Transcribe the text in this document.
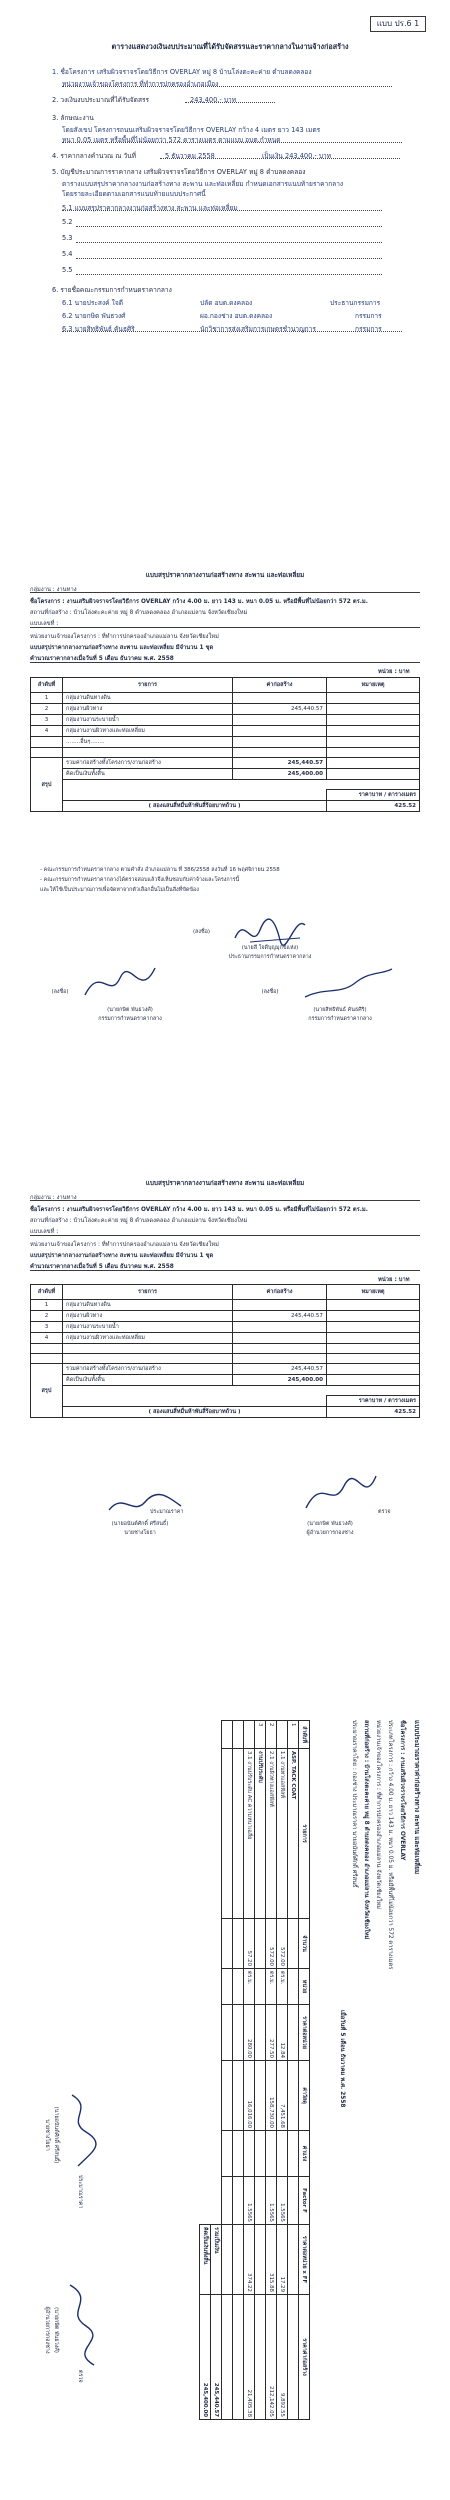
แบบ ปร.6 1
ตารางแสดงวงเงินงบประมาณที่ได้รับจัดสรรและราคากลางในงานจ้างก่อสร้าง
1. ชื่อโครงการ เสริมผิวจราจรโดยวิธีการ OVERLAY หมู่ 8 บ้านโล่งตะคะค่าย ตำบลดงคลอง
หน่วยงานเจ้าของโครงการ ที่ทำการปกครองอำเภอเมือง
2. วงเงินงบประมาณที่ได้รับจัดสรร	243,400.- บาท
3. ลักษณะงาน
โดยสังเขป โครงการถนนเสริมผิวจราจรโดยวิธีการ OVERLAY กว้าง 4 เมตร ยาว 143 เมตร
หนา 0.05 เมตร หรือพื้นที่ไม่น้อยกว่า 572 ตารางเมตร ตามแบบ อบต.กำหนด
4. ราคากลางคำนวณ ณ วันที่	5 ธันวาคม 2558	เป็นเงิน 243,400.- บาท
5. บัญชีประมาณการราคากลาง เสริมผิวจราจรโดยวิธีการ OVERLAY หมู่ 8 ตำบลดงคลอง
ตารางแบบสรุปราคากลางงานก่อสร้างทาง สะพาน และท่อเหลี่ยม กำหนดเอกสารแนบท้ายราคากลาง
โดยรายละเอียดตามเอกสารแนบท้ายแบบประกาศนี้
5.1 แบบสรุปราคากลางงานก่อสร้างทาง สะพาน และท่อเหลี่ยม
5.2
5.3
5.4
5.5
6. รายชื่อคณะกรรมการกำหนดราคากลาง
6.1 นายประสงค์ ใจดี	ปลัด อบต.ดงคลอง	ประธานกรรมการ
6.2 นายกษิต พันธวงศ์	ผอ.กองช่าง อบต.ดงคลอง	กรรมการ
6.3 นายสิทธิพันธ์ คันธศิริ	นักวิชาการส่งเสริมการเกษตรชำนาญการ	กรรมการ
แบบสรุปราคากลางงานก่อสร้างทาง สะพาน และท่อเหลี่ยม
กลุ่มงาน : งานทาง
ชื่อโครงการ : งานเสริมผิวจราจรโดยวิธีการ OVERLAY กว้าง 4.00 ม. ยาว 143 ม. หนา 0.05 ม. หรือมีพื้นที่ไม่น้อยกว่า 572 ตร.ม.
สถานที่ก่อสร้าง : บ้านโล่งตะคะค่าย หมู่ 8 ตำบลดงคลอง อำเภอแม่ลาน จังหวัดเชียงใหม่
แบบเลขที่ :
หน่วยงานเจ้าของโครงการ : ที่ทำการปกครองอำเภอแม่ลาน จังหวัดเชียงใหม่
แบบสรุปราคากลางงานก่อสร้างทาง สะพาน และท่อเหลี่ยม มีจำนวน 1 ชุด
คำนวณราคากลางเมื่อวันที่ 5 เดือน ธันวาคม พ.ศ. 2558
หน่วย : บาท
ลำดับที่	รายการ	ค่าก่อสร้าง	หมายเหตุ
1	กลุ่มงานดินทางดิน		
2	กลุ่มงานผิวทาง	245,440.57	
3	กลุ่มงานงานระบายน้ำ		
4	กลุ่มงานงานผิวทางและท่อเหลี่ยม		
	........อื่นๆ........		

สรุป	รวมค่าก่อสร้างทั้งโครงการ/งานก่อสร้าง	245,440.57	
	คิดเป็นเงินทั้งสิ้น	245,400.00	

			ราคาบาท / ตารางเมตร
	( สองแสนสี่หมื่นห้าพันสี่ร้อยบาทถ้วน )		425.52
- คณะกรรมการกำหนดราคากลาง ตามคำสั่ง อำเภอแม่ลาน ที่ 386/2558 ลงวันที่ 16 พฤศจิกายน 2558
- คณะกรรมการกำหนดราคากลางได้ตรวจสอบแล้วจึงเห็นชอบกับค่าจ้างและโครงการนี้
และให้ใช้เป็นประมาณการเพื่อจัดหาจากตัวเลือกอื่นไม่เป็นสิ่งที่ขัดข้อง
(ลงชื่อ)
(นายสี ใจดีบุญมุกข์แห่ง)
ประธานกรรมการกำหนดราคากลาง
(ลงชื่อ)
(นายกษิต พันธวงศ์)
กรรมการกำหนดราคากลาง
(ลงชื่อ)
(นายสิทธิพันธ์ คันธศิริ)
กรรมการกำหนดราคากลาง
แบบสรุปราคากลางงานก่อสร้างทาง สะพาน และท่อเหลี่ยม
กลุ่มงาน : งานทาง
ชื่อโครงการ : งานเสริมผิวจราจรโดยวิธีการ OVERLAY กว้าง 4.00 ม. ยาว 143 ม. หนา 0.05 ม. หรือมีพื้นที่ไม่น้อยกว่า 572 ตร.ม.
สถานที่ก่อสร้าง : บ้านโล่งตะคะค่าย หมู่ 8 ตำบลดงคลอง อำเภอแม่ลาน จังหวัดเชียงใหม่
แบบเลขที่ :
หน่วยงานเจ้าของโครงการ : ที่ทำการปกครองอำเภอแม่ลาน จังหวัดเชียงใหม่
แบบสรุปราคากลางงานก่อสร้างทาง สะพาน และท่อเหลี่ยม มีจำนวน 1 ชุด
คำนวณราคากลางเมื่อวันที่ 5 เดือน ธันวาคม พ.ศ. 2558
หน่วย : บาท
ลำดับที่	รายการ	ค่าก่อสร้าง	หมายเหตุ
1	กลุ่มงานดินทางดิน		
2	กลุ่มงานผิวทาง	245,440.57	
3	กลุ่มงานงานระบายน้ำ		
4	กลุ่มงานงานผิวทางและท่อเหลี่ยม		

สรุป	รวมค่าก่อสร้างทั้งโครงการ/งานก่อสร้าง	245,440.57	
	คิดเป็นเงินทั้งสิ้น	245,400.00	

			ราคาบาท / ตารางเมตร
	( สองแสนสี่หมื่นห้าพันสี่ร้อยบาทถ้วน )		425.52
ประมาณราคา
(นายอนันต์ศักดิ์ ศรีสนธิ์)
นายช่างโยธา
ตรวจ
(นายกษิต พันธวงศ์)
ผู้อำนวยการกองช่าง
แบบประมาณราคาค่าก่อสร้างทาง สะพาน และท่อเหลี่ยม
ชื่อโครงการ : งานเสริมผิวจราจรโดยวิธีการ OVERLAY
ประเภทโครงการ : กว้าง 4.00 ม. ยาว 143 ม. หนา 0.05 ม. หรือมีพื้นที่ไม่น้อยกว่า 572 ตารางเมตร
หน่วยงานเจ้าของโครงการ : ที่ทำการปกครองอำเภอแม่ลาน จังหวัดเชียงใหม่
สถานที่ก่อสร้าง : บ้านโล่งตะคะค่าย หมู่ 8 ตำบลดงคลอง อำเภอแม่ลาน จังหวัดเชียงใหม่
ประมาณราคาโดย : กองช่าง ประมาณราคา นายอนันต์ศักดิ์ ศรีสนธิ์
เมื่อวันที่ 5 เดือน ธันวาคม พ.ศ. 2558
ลำดับที่	รายการ	จำนวน	หน่วย	ราคาต่อหน่วย	ค่าวัสดุ	ค่าแรง	Factor F	ราคาต่อหน่วย x FF	ราคาค่าก่อสร้าง
1	ASP. TACK COAT								
	1.1 งานทาแอสฟัลท์	572.00	ตร.ม.	12.84	7,451.68		1.5565	17.29	9,892.55
2	2.1 งานผิวทางแอสฟัลท์	572.00	ตร.ม.	277.50	158,730.00		1.5565	315.88	212,142.05
3	งานปรับระดับ								
	3.1 งานปรับระดับ AC ความหนาเฉลี่ย	57.20	ตร.ม.	280.00	16,016.00		1.5565	374.22	21,405.38

								รวมเป็นเงิน	245,440.57
								คิดเป็นเงินทั้งสิ้น	245,400.00
ตรวจ
(นายกษิต พันธวงศ์)
ผู้อำนวยการกองช่าง
ประมาณราคา
(นายอนันต์ศักดิ์ ศรีสนธิ์)
นายช่างโยธา
